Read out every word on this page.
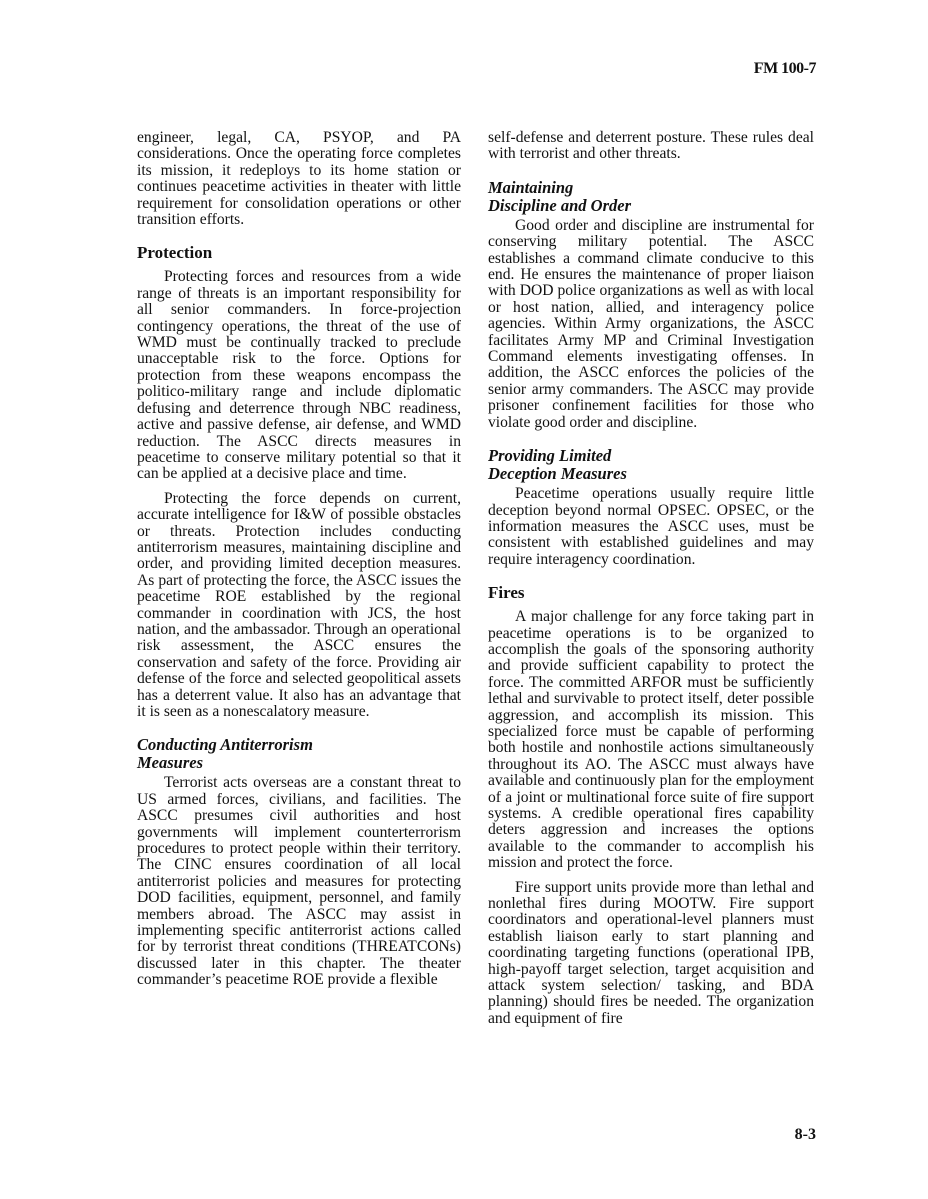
FM 100-7

engineer, legal, CA, PSYOP, and PA considerations. Once the operating force completes its mission, it redeploys to its home station or continues peacetime activities in theater with little requirement for consolidation operations or other transition efforts.

Protection

Protecting forces and resources from a wide range of threats is an important responsibility for all senior commanders. In force-projection contingency operations, the threat of the use of WMD must be continually tracked to preclude unacceptable risk to the force. Options for protection from these weapons encompass the politico-military range and include diplomatic defusing and deterrence through NBC readiness, active and passive defense, air defense, and WMD reduction. The ASCC directs measures in peacetime to conserve military potential so that it can be applied at a decisive place and time.

Protecting the force depends on current, accurate intelligence for I&W of possible obstacles or threats. Protection includes conducting antiterrorism measures, maintaining discipline and order, and providing limited deception measures. As part of protecting the force, the ASCC issues the peacetime ROE established by the regional commander in coordination with JCS, the host nation, and the ambassador. Through an operational risk assessment, the ASCC ensures the conservation and safety of the force. Providing air defense of the force and selected geopolitical assets has a deterrent value. It also has an advantage that it is seen as a nonescalatory measure.

Conducting Antiterrorism
Measures

Terrorist acts overseas are a constant threat to US armed forces, civilians, and facilities. The ASCC presumes civil authorities and host governments will implement counterterrorism procedures to protect people within their territory. The CINC ensures coordination of all local antiterrorist policies and measures for protecting DOD facilities, equipment, personnel, and family members abroad. The ASCC may assist in implementing specific antiterrorist actions called for by terrorist threat conditions (THREATCONs) discussed later in this chapter. The theater commander’s peacetime ROE provide a flexible

self-defense and deterrent posture. These rules deal with terrorist and other threats.

Maintaining
Discipline and Order

Good order and discipline are instrumental for conserving military potential. The ASCC establishes a command climate conducive to this end. He ensures the maintenance of proper liaison with DOD police organizations as well as with local or host nation, allied, and interagency police agencies. Within Army organizations, the ASCC facilitates Army MP and Criminal Investigation Command elements investigating offenses. In addition, the ASCC enforces the policies of the senior army commanders. The ASCC may provide prisoner confinement facilities for those who violate good order and discipline.

Providing Limited
Deception Measures

Peacetime operations usually require little deception beyond normal OPSEC. OPSEC, or the information measures the ASCC uses, must be consistent with established guidelines and may require interagency coordination.

Fires

A major challenge for any force taking part in peacetime operations is to be organized to accomplish the goals of the sponsoring authority and provide sufficient capability to protect the force. The committed ARFOR must be sufficiently lethal and survivable to protect itself, deter possible aggression, and accomplish its mission. This specialized force must be capable of performing both hostile and nonhostile actions simultaneously throughout its AO. The ASCC must always have available and continuously plan for the employment of a joint or multinational force suite of fire support systems. A credible operational fires capability deters aggression and increases the options available to the commander to accomplish his mission and protect the force.

Fire support units provide more than lethal and nonlethal fires during MOOTW. Fire support coordinators and operational-level planners must establish liaison early to start planning and coordinating targeting functions (operational IPB, high-payoff target selection, target acquisition and attack system selection/ tasking, and BDA planning) should fires be needed. The organization and equipment of fire

8-3
